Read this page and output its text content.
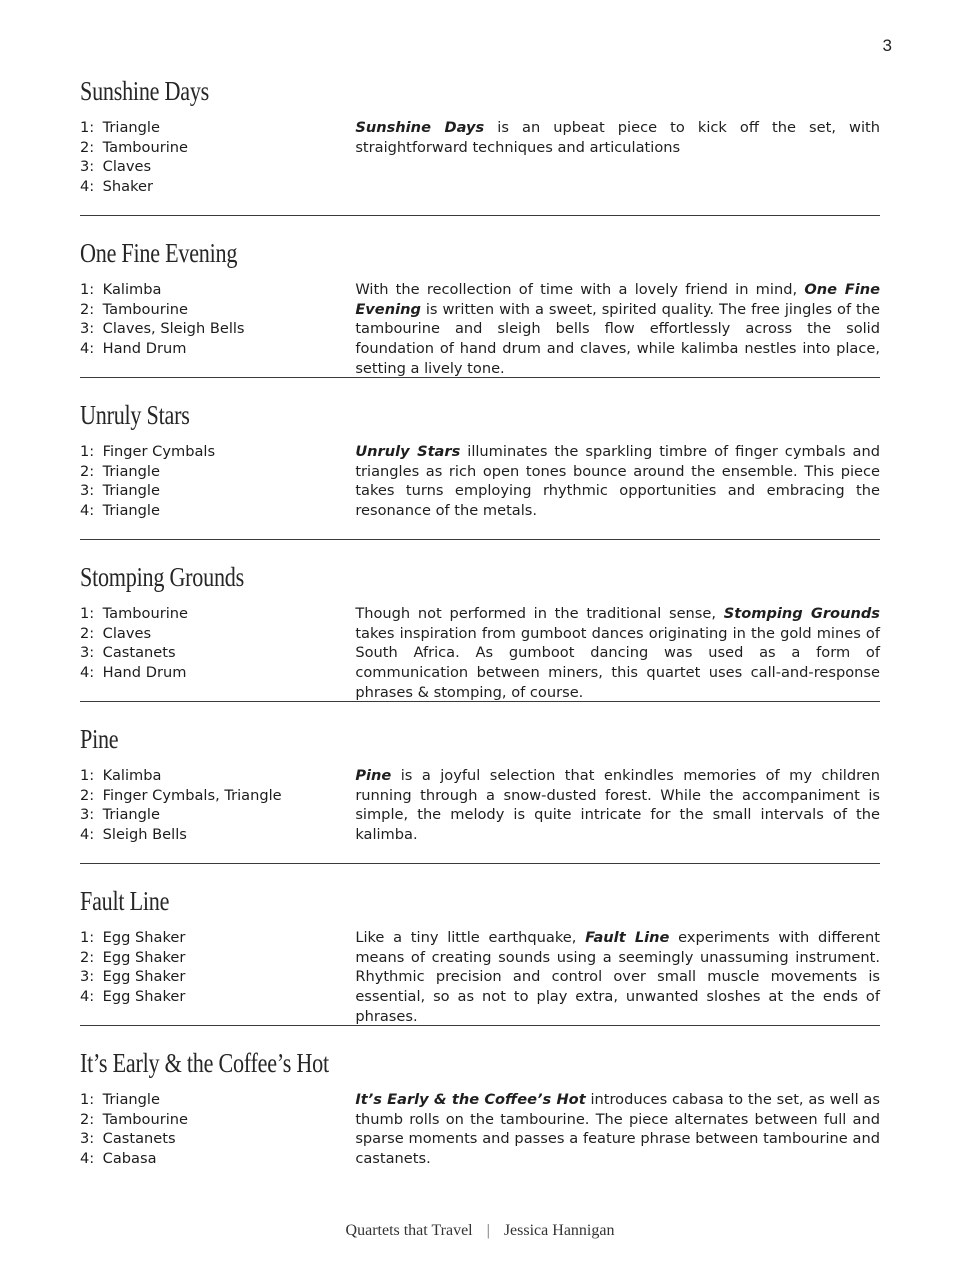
3
Sunshine Days
1: Triangle
2: Tambourine
3: Claves
4: Shaker

Sunshine Days is an upbeat piece to kick off the set, with straightforward techniques and articulations

One Fine Evening
1: Kalimba
2: Tambourine
3: Claves, Sleigh Bells
4: Hand Drum

With the recollection of time with a lovely friend in mind, One Fine Evening is written with a sweet, spirited quality. The free jingles of the tambourine and sleigh bells flow effortlessly across the solid foundation of hand drum and claves, while kalimba nestles into place, setting a lively tone.

Unruly Stars
1: Finger Cymbals
2: Triangle
3: Triangle
4: Triangle

Unruly Stars illuminates the sparkling timbre of finger cymbals and triangles as rich open tones bounce around the ensemble. This piece takes turns employing rhythmic opportunities and embracing the resonance of the metals.

Stomping Grounds
1: Tambourine
2: Claves
3: Castanets
4: Hand Drum

Though not performed in the traditional sense, Stomping Grounds takes inspiration from gumboot dances originating in the gold mines of South Africa. As gumboot dancing was used as a form of communication between miners, this quartet uses call-and-response phrases & stomping, of course.

Pine
1: Kalimba
2: Finger Cymbals, Triangle
3: Triangle
4: Sleigh Bells

Pine is a joyful selection that enkindles memories of my children running through a snow-dusted forest. While the accompaniment is simple, the melody is quite intricate for the small intervals of the kalimba.

Fault Line
1: Egg Shaker
2: Egg Shaker
3: Egg Shaker
4: Egg Shaker

Like a tiny little earthquake, Fault Line experiments with different means of creating sounds using a seemingly unassuming instrument. Rhythmic precision and control over small muscle movements is essential, so as not to play extra, unwanted sloshes at the ends of phrases.

It’s Early & the Coffee’s Hot
1: Triangle
2: Tambourine
3: Castanets
4: Cabasa

It’s Early & the Coffee’s Hot introduces cabasa to the set, as well as thumb rolls on the tambourine. The piece alternates between full and sparse moments and passes a feature phrase between tambourine and castanets.

Quartets that Travel | Jessica Hannigan
